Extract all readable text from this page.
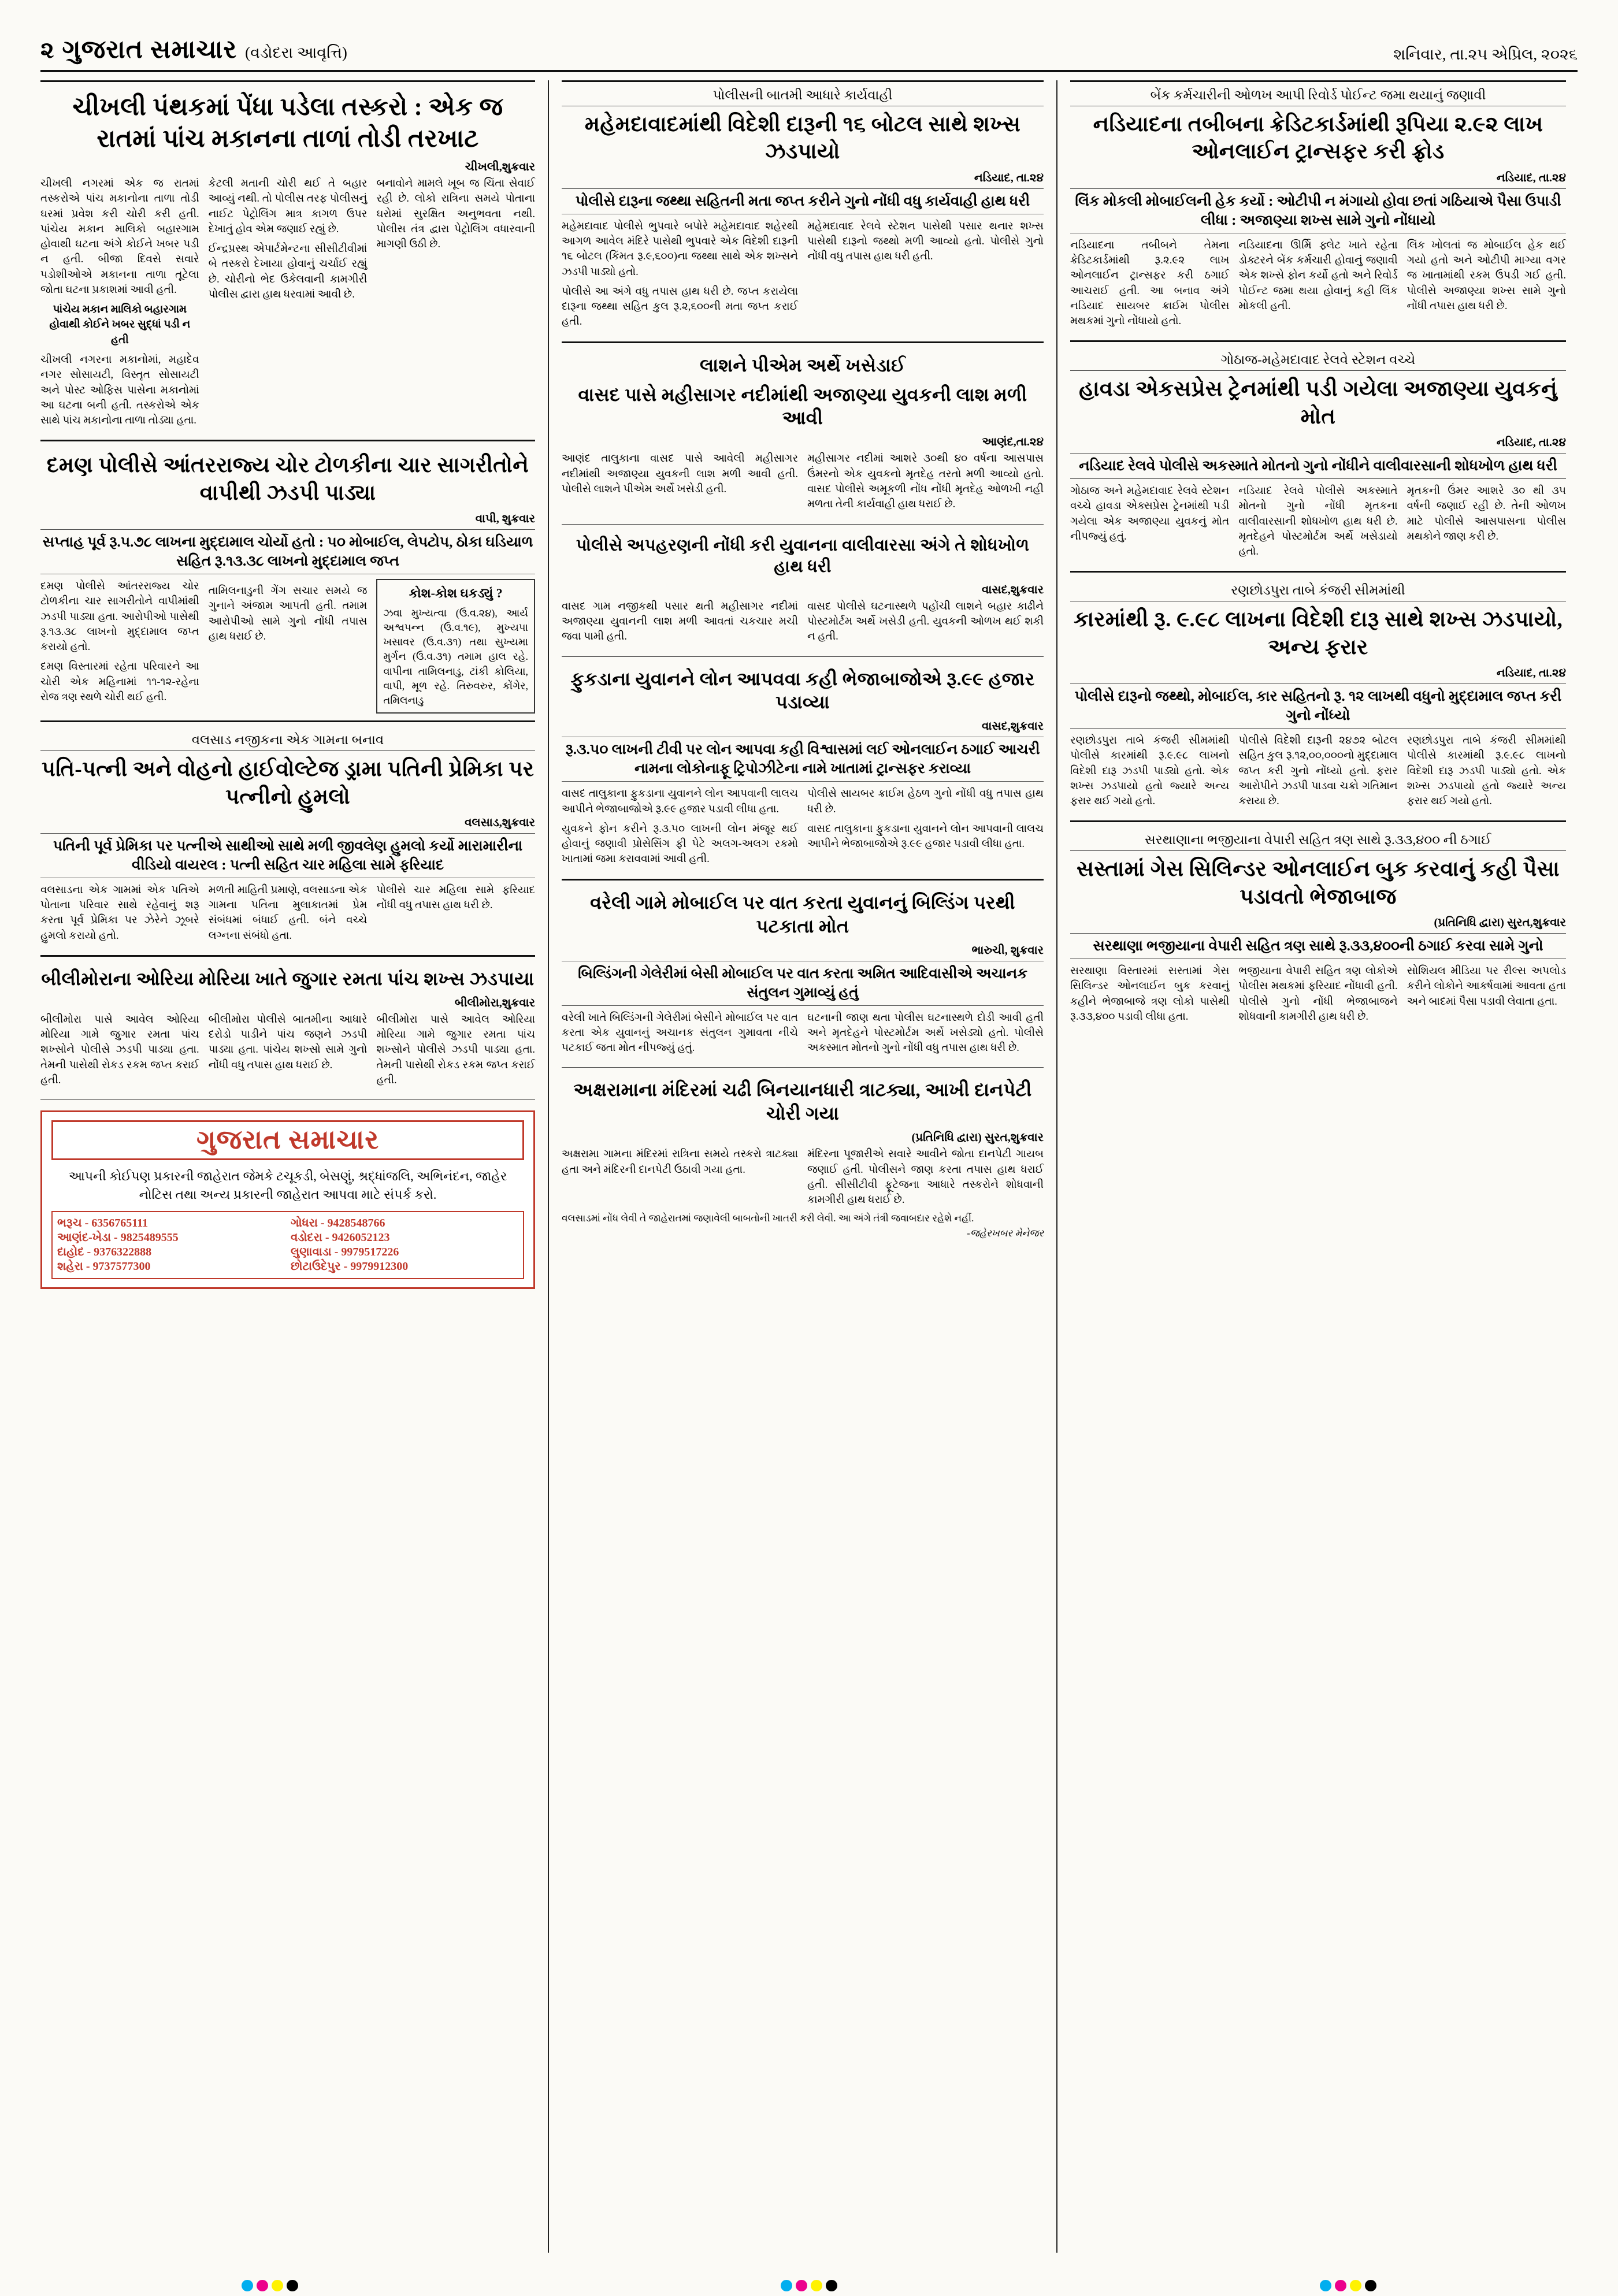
૨ ગુજરાત સમાચાર (વડોદરા આવૃત્તિ)	શનિવાર, તા.૨૫ એપ્રિલ, ૨૦૨૬
ચીખલી પંથકમાં પેંધા પડેલા તસ્કરો : એક જ રાતમાં પાંચ મકાનના તાળાં તોડી તરખાટ
ચીખલી,શુક્રવાર

ચીખલી નગરમાં એક જ રાતમાં તસ્કરોએ પાંચ મકાનોના તાળા તોડી ઘરમાં પ્રવેશ કરી ચોરી કરી હતી. પાંચેય મકાન માલિકો બહારગામ હોવાથી ઘટના અંગે કોઈને ખબર પડી ન હતી. બીજા દિવસે સવારે પડોશીઓએ મકાનના તાળા તૂટેલા જોતા ઘટના પ્રકાશમાં આવી હતી.

પાંચેય મકાન માલિકો બહારગામ હોવાથી કોઈને ખબર સુદ્ધાં પડી ન હતી

ચીખલી નગરના મકાનોમાં, મહાદેવ નગર સોસાયટી, વિસ્તૃત સોસાયટી અને પોસ્ટ ઓફિસ પાસેના મકાનોમાં આ ઘટના બની હતી. તસ્કરોએ એક સાથે પાંચ મકાનોના તાળા તોડ્યા હતા.

કેટલી મતાની ચોરી થઈ તે બહાર આવ્યું નથી. તો પોલીસ તરફ પોલીસનું નાઈટ પેટ્રોલિંગ માત્ર કાગળ ઉપર દેખાતું હોવ એમ જણાઈ રહ્યું છે.

ઈન્દ્રપ્રસ્થ એપાર્ટમેન્ટના સીસીટીવીમાં બે તસ્કરો દેખાયા હોવાનું ચર્ચાઈ રહ્યું છે. ચોરીનો ભેદ ઉકેલવાની કામગીરી પોલીસ દ્વારા હાથ ધરવામાં આવી છે.

બનાવોને મામલે ખૂબ જ ચિંતા સેવાઈ રહી છે. લોકો રાત્રિના સમયે પોતાના ઘરોમાં સુરક્ષિત અનુભવતા નથી. પોલીસ તંત્ર દ્વારા પેટ્રોલિંગ વધારવાની માગણી ઉઠી છે.

દમણ પોલીસે આંતરરાજ્ય ચોર ટોળકીના ચાર સાગરીતોને વાપીથી ઝડપી પાડ્યા
વાપી, શુક્રવાર
સપ્તાહ પૂર્વ રૂ.૫.૭૮ લાખના મુદ્દામાલ ચોર્યો હતો : ૫૦ મોબાઈલ, લેપટોપ, ઠોકા ઘડિયાળ સહિત રૂ.૧૩.૩૮ લાખનો મુદ્દામાલ જપ્ત

દમણ પોલીસે આંતરરાજ્ય ચોર ટોળકીના ચાર સાગરીતોને વાપીમાંથી ઝડપી પાડ્યા હતા. આરોપીઓ પાસેથી રૂ.૧૩.૩૮ લાખનો મુદ્દામાલ જપ્ત કરાયો હતો.

દમણ વિસ્તારમાં રહેતા પરિવારને આ ચોરી એક મહિનામાં ૧૧-૧૨-રહેના રોજ ત્રણ સ્થળે ચોરી થઈ હતી.

તામિલનાડુની ગેંગ સચાર સમયે જ ગુનાને અંજામ આપતી હતી. તમામ આરોપીઓ સામે ગુનો નોંધી તપાસ હાથ ધરાઈ છે.

કોશ-કોશ ઘકડ્યું ?
ઝવા મુખ્યત્વા (ઉ.વ.૨૪), આર્ય અશ્વપન્ન (ઉ.વ.૧૯), મુખ્યપા ખસાવર (ઉ.વ.૩૧) તથા સુખ્યમા મુર્ગન (ઉ.વ.૩૧) તમામ હાલ રહે. વાપીના તામિલનાડુ, ટાંકી કોલિયા, વાપી, મૂળ રહે. તિરુવરુર, કોંગેર, તમિલનાડુ
વલસાડ નજીકના એક ગામના બનાવ
પતિ-પત્ની અને વોહનો હાઈવોલ્ટેજ ડ્રામા પતિની પ્રેમિકા પર પત્નીનો હુમલો
વલસાડ,શુક્રવાર
પતિની પૂર્વ પ્રેમિકા પર પત્નીએ સાથીઓ સાથે મળી જીવલેણ હુમલો કર્યો મારામારીના વીડિયો વાયરલ : પત્ની સહિત ચાર મહિલા સામે ફરિયાદ

વલસાડના એક ગામમાં એક પતિએ પોતાના પરિવાર સાથે રહેવાનું શરૂ કરતા પૂર્વ પ્રેમિકા પર ઝેરેને ઝૂબરે હુમલો કરાયો હતો.

મળતી માહિતી પ્રમાણે, વલસાડના એક ગામના પતિના મુલાકાતમાં પ્રેમ સંબંધમાં બંધાઈ હતી. બંને વચ્ચે લગ્નના સંબંધો હતા.

પોલીસે ચાર મહિલા સામે ફરિયાદ નોંધી વધુ તપાસ હાથ ધરી છે.

બીલીમોરાના ઓરિયા મોરિયા ખાતે જુગાર રમતા પાંચ શખ્સ ઝડપાયા
બીલીમોરા,શુક્રવાર

બીલીમોરા પાસે આવેલ ઓરિયા મોરિયા ગામે જુગાર રમતા પાંચ શખ્સોને પોલીસે ઝડપી પાડ્યા હતા. તેમની પાસેથી રોકડ રકમ જપ્ત કરાઈ હતી.

બીલીમોરા પોલીસે બાતમીના આધારે દરોડો પાડીને પાંચ જણને ઝડપી પાડ્યા હતા. પાંચેય શખ્સો સામે ગુનો નોંધી વધુ તપાસ હાથ ધરાઈ છે.

બીલીમોરા પાસે આવેલ ઓરિયા મોરિયા ગામે જુગાર રમતા પાંચ શખ્સોને પોલીસે ઝડપી પાડ્યા હતા. તેમની પાસેથી રોકડ રકમ જપ્ત કરાઈ હતી.

ગુજરાત સમાચાર
આપની કોઈપણ પ્રકારની જાહેરાત જેમકે ટચૂકડી, બેસણું, શ્રદ્ધાંજલિ, અભિનંદન, જાહેર નોટિસ તથા અન્ય પ્રકારની જાહેરાત આપવા માટે સંપર્ક કરો.
ભરૂચ - 6356765111	ગોધરા - 9428548766
આણંદ-ખેડા - 9825489555	વડોદરા - 9426052123
દાહોદ - 9376322888	લુણાવાડા - 9979517226
શહેરા - 9737577300	છોટાઉદેપુર - 9979912300
પોલીસની બાતમી આધારે કાર્યવાહી
મહેમદાવાદમાંથી વિદેશી દારૂની ૧૬ બોટલ સાથે શખ્સ ઝડપાયો
નડિયાદ, તા.૨૪
પોલીસે દારૂના જથ્થા સહિતની મતા જપ્ત કરીને ગુનો નોંધી વધુ કાર્યવાહી હાથ ધરી

મહેમદાવાદ પોલીસે ભુપવારે બપોરે મહેમદાવાદ શહેરથી આગળ આવેલ મંદિરે પાસેથી ભુપવારે એક વિદેશી દારૂની ૧૬ બોટલ (કિંમત રૂ.૯,૬૦૦)ના જથ્થા સાથે એક શખ્સને ઝડપી પાડ્યો હતો.

પોલીસે આ અંગે વધુ તપાસ હાથ ધરી છે. જપ્ત કરાયેલા દારૂના જથ્થા સહિત કુલ રૂ.૨,૬૦૦ની મતા જપ્ત કરાઈ હતી.

મહેમદાવાદ રેલવે સ્ટેશન પાસેથી પસાર થનાર શખ્સ પાસેથી દારૂનો જથ્થો મળી આવ્યો હતો. પોલીસે ગુનો નોંધી વધુ તપાસ હાથ ધરી હતી.

લાશને પીએમ અર્થે ખસેડાઈ
વાસદ પાસે મહીસાગર નદીમાંથી અજાણ્યા યુવકની લાશ મળી આવી
આણંદ,તા.૨૪

આણંદ તાલુકાના વાસદ પાસે આવેલી મહીસાગર નદીમાંથી અજાણ્યા યુવકની લાશ મળી આવી હતી. પોલીસે લાશને પીએમ અર્થે ખસેડી હતી.

મહીસાગર નદીમાં આશરે ૩૦થી ૪૦ વર્ષના આસપાસ ઉંમરનો એક યુવકનો મૃતદેહ તરતો મળી આવ્યો હતો. વાસદ પોલીસે અમૂકળી નોંધ નોંધી મૃતદેહ ઓળખી નહી મળતા તેની કાર્યવાહી હાથ ધરાઈ છે.

પોલીસે અપહરણની નોંધી કરી યુવાનના વાલીવારસા અંગે તે શોધખોળ હાથ ધરી
વાસદ,શુક્રવાર

વાસદ ગામ નજીકથી પસાર થતી મહીસાગર નદીમાં અજાણ્યા યુવાનની લાશ મળી આવતાં ચકચાર મચી જવા પામી હતી.

વાસદ પોલીસે ઘટનાસ્થળે પહોંચી લાશને બહાર કાઢીને પોસ્ટમોર્ટમ અર્થે ખસેડી હતી. યુવકની ઓળખ થઈ શકી ન હતી.

ફુકડાના યુવાનને લોન આપવવા કહી ભેજાબાજોએ રૂ.૯૯ હજાર પડાવ્યા
વાસદ,શુક્રવાર
રૂ.૩.૫૦ લાખની ટીવી પર લોન આપવા કહી વિશ્વાસમાં લઈ ઓનલાઈન ઠગાઈ આચરી નામના લોકોનાફૂ ટ્રિપોઝીટેના નામે ખાતામાં ટ્રાન્સફર કરાવ્યા

વાસદ તાલુકાના ફુકડાના યુવાનને લોન આપવાની લાલચ આપીને ભેજાબાજોએ રૂ.૯૯ હજાર પડાવી લીધા હતા.

યુવકને ફોન કરીને રૂ.૩.૫૦ લાખની લોન મંજૂર થઈ હોવાનું જણાવી પ્રોસેસિંગ ફી પેટે અલગ-અલગ રકમો ખાતામાં જમા કરાવવામાં આવી હતી.

પોલીસે સાયબર ક્રાઈમ હેઠળ ગુનો નોંધી વધુ તપાસ હાથ ધરી છે.

વાસદ તાલુકાના ફુકડાના યુવાનને લોન આપવાની લાલચ આપીને ભેજાબાજોએ રૂ.૯૯ હજાર પડાવી લીધા હતા.

વરેલી ગામે મોબાઈલ પર વાત કરતા યુવાનનું બિલ્ડિંગ પરથી પટકાતા મોત
ભારુચી, શુક્રવાર
બિલ્ડિંગની ગેલેરીમાં બેસી મોબાઈલ પર વાત કરતા અમિત આદિવાસીએ અચાનક સંતુલન ગુમાવ્યું હતું

વરેલી ખાતે બિલ્ડિંગની ગેલેરીમાં બેસીને મોબાઈલ પર વાત કરતા એક યુવાનનું અચાનક સંતુલન ગુમાવતા નીચે પટકાઈ જતા મોત નીપજ્યું હતું.

ઘટનાની જાણ થતા પોલીસ ઘટનાસ્થળે દોડી આવી હતી અને મૃતદેહને પોસ્ટમોર્ટમ અર્થે ખસેડ્યો હતો. પોલીસે અકસ્માત મોતનો ગુનો નોંધી વધુ તપાસ હાથ ધરી છે.

અક્ષરામાના મંદિરમાં ચઢી બિનયાનધારી ત્રાટક્યા, આખી દાનપેટી ચોરી ગયા
(પ્રતિનિધિ દ્વારા) સુરત,શુક્રવાર

અક્ષરામા ગામના મંદિરમાં રાત્રિના સમયે તસ્કરો ત્રાટક્યા હતા અને મંદિરની દાનપેટી ઉઠાવી ગયા હતા.

મંદિરના પૂજારીએ સવારે આવીને જોતા દાનપેટી ગાયબ જણાઈ હતી. પોલીસને જાણ કરતા તપાસ હાથ ધરાઈ હતી. સીસીટીવી ફૂટેજના આધારે તસ્કરોને શોધવાની કામગીરી હાથ ધરાઈ છે.

વલસાડમાં નોંધ લેવી તે જાહેરાતમાં જણાવેલી બાબતોની ખાતરી કરી લેવી. આ અંગે તંત્રી જવાબદાર રહેશે નહીં.
-જહેરખબર મેનેજર
બેંક કર્મચારીની ઓળખ આપી રિવોર્ડ પોઈન્ટ જમા થયાનું જણાવી
નડિયાદના તબીબના ક્રેડિટકાર્ડમાંથી રૂપિયા ૨.૯૨ લાખ ઓનલાઈન ટ્રાન્સફર કરી ફ્રોડ
નડિયાદ, તા.૨૪
લિંક મોકલી મોબાઈલની હેક કર્યો : ઓટીપી ન મંગાયો હોવા છતાં ગઠિયાએ પૈસા ઉપાડી લીધા : અજાણ્યા શખ્સ સામે ગુનો નોંધાયો

નડિયાદના તબીબને તેમના ક્રેડિટકાર્ડમાંથી રૂ.૨.૯૨ લાખ ઓનલાઈન ટ્રાન્સફર કરી ઠગાઈ આચરાઈ હતી. આ બનાવ અંગે નડિયાદ સાયબર ક્રાઈમ પોલીસ મથકમાં ગુનો નોંધાયો હતો.

નડિયાદના ઊર્મિ ફ્લેટ ખાતે રહેતા ડોક્ટરને બેંક કર્મચારી હોવાનું જણાવી એક શખ્સે ફોન કર્યો હતો અને રિવોર્ડ પોઈન્ટ જમા થયા હોવાનું કહી લિંક મોકલી હતી.

લિંક ખોલતાં જ મોબાઈલ હેક થઈ ગયો હતો અને ઓટીપી માગ્યા વગર જ ખાતામાંથી રકમ ઉપડી ગઈ હતી. પોલીસે અજાણ્યા શખ્સ સામે ગુનો નોંધી તપાસ હાથ ધરી છે.

ગોઠાજ-મહેમદાવાદ રેલવે સ્ટેશન વચ્ચે
હાવડા એકસપ્રેસ ટ્રેનમાંથી પડી ગયેલા અજાણ્યા યુવકનું મોત
નડિયાદ, તા.૨૪
નડિયાદ રેલવે પોલીસે અકસ્માતે મોતનો ગુનો નોંધીને વાલીવારસાની શોધખોળ હાથ ધરી

ગોઠાજ અને મહેમદાવાદ રેલવે સ્ટેશન વચ્ચે હાવડા એક્સપ્રેસ ટ્રેનમાંથી પડી ગયેલા એક અજાણ્યા યુવકનું મોત નીપજ્યું હતું.

નડિયાદ રેલવે પોલીસે અકસ્માતે મોતનો ગુનો નોંધી મૃતકના વાલીવારસાની શોધખોળ હાથ ધરી છે. મૃતદેહને પોસ્ટમોર્ટમ અર્થે ખસેડાયો હતો.

મૃતકની ઉંમર આશરે ૩૦ થી ૩૫ વર્ષની જણાઈ રહી છે. તેની ઓળખ માટે પોલીસે આસપાસના પોલીસ મથકોને જાણ કરી છે.

રણછોડપુરા તાબે કંજરી સીમમાંથી
કારમાંથી રૂ. ૯.૯૮ લાખના વિદેશી દારૂ સાથે શખ્સ ઝડપાયો, અન્ય ફરાર
નડિયાદ, તા.૨૪
પોલીસે દારૂનો જથ્થો, મોબાઈલ, કાર સહિતનો રૂ. ૧૨ લાખથી વધુનો મુદ્દામાલ જપ્ત કરી ગુનો નોંધ્યો

રણછોડપુરા તાબે કંજરી સીમમાંથી પોલીસે કારમાંથી રૂ.૯.૯૮ લાખનો વિદેશી દારૂ ઝડપી પાડ્યો હતો. એક શખ્સ ઝડપાયો હતો જ્યારે અન્ય ફરાર થઈ ગયો હતો.

પોલીસે વિદેશી દારૂની ૨૪૭૨ બોટલ સહિત કુલ રૂ.૧૨,૦૦,૦૦૦નો મુદ્દામાલ જપ્ત કરી ગુનો નોંધ્યો હતો. ફરાર આરોપીને ઝડપી પાડવા ચક્રો ગતિમાન કરાયા છે.

રણછોડપુરા તાબે કંજરી સીમમાંથી પોલીસે કારમાંથી રૂ.૯.૯૮ લાખનો વિદેશી દારૂ ઝડપી પાડ્યો હતો. એક શખ્સ ઝડપાયો હતો જ્યારે અન્ય ફરાર થઈ ગયો હતો.

સરથાણાના ભજીયાના વેપારી સહિત ત્રણ સાથે રૂ.૩૩,૪૦૦ ની ઠગાઈ
સસ્તામાં ગેસ સિલિન્ડર ઓનલાઈન બુક કરવાનું કહી પૈસા પડાવતો ભેજાબાજ
(પ્રતિનિધિ દ્વારા) સુરત,શુક્રવાર
સરથાણા ભજીયાના વેપારી સહિત ત્રણ સાથે રૂ.૩૩,૪૦૦ની ઠગાઈ કરવા સામે ગુનો

સરથાણા વિસ્તારમાં સસ્તામાં ગેસ સિલિન્ડર ઓનલાઈન બુક કરવાનું કહીને ભેજાબાજે ત્રણ લોકો પાસેથી રૂ.૩૩,૪૦૦ પડાવી લીધા હતા.

ભજીયાના વેપારી સહિત ત્રણ લોકોએ પોલીસ મથકમાં ફરિયાદ નોંધાવી હતી. પોલીસે ગુનો નોંધી ભેજાબાજને શોધવાની કામગીરી હાથ ધરી છે.

સોશિયલ મીડિયા પર રીલ્સ અપલોડ કરીને લોકોને આકર્ષવામાં આવતા હતા અને બાદમાં પૈસા પડાવી લેવાતા હતા.
